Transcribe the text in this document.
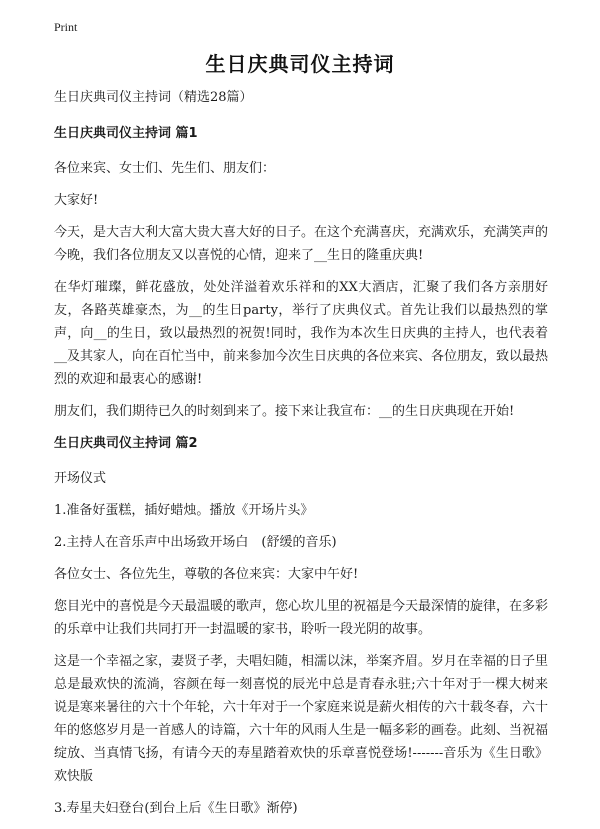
Print
生日庆典司仪主持词

生日庆典司仪主持词（精选28篇）

生日庆典司仪主持词 篇1

各位来宾、女士们、先生们、朋友们：

大家好!

今天，是大吉大利大富大贵大喜大好的日子。在这个充满喜庆，充满欢乐，充满笑声的今晚，我们各位朋友又以喜悦的心情，迎来了__生日的隆重庆典!

在华灯璀璨，鲜花盛放，处处洋溢着欢乐祥和的XX大酒店，汇聚了我们各方亲朋好友，各路英雄豪杰，为__的生日party，举行了庆典仪式。首先让我们以最热烈的掌声，向__的生日，致以最热烈的祝贺!同时，我作为本次生日庆典的主持人，也代表着__及其家人，向在百忙当中，前来参加今次生日庆典的各位来宾、各位朋友，致以最热烈的欢迎和最衷心的感谢!

朋友们，我们期待已久的时刻到来了。接下来让我宣布：__的生日庆典现在开始!

生日庆典司仪主持词 篇2

开场仪式

1.准备好蛋糕，插好蜡烛。播放《开场片头》

2.主持人在音乐声中出场致开场白　(舒缓的音乐)

各位女士、各位先生，尊敬的各位来宾：大家中午好!

您目光中的喜悦是今天最温暖的歌声，您心坎儿里的祝福是今天最深情的旋律，在多彩的乐章中让我们共同打开一封温暖的家书，聆听一段光阴的故事。

这是一个幸福之家，妻贤子孝，夫唱妇随，相濡以沫，举案齐眉。岁月在幸福的日子里总是最欢快的流淌，容颜在每一刻喜悦的辰光中总是青春永驻;六十年对于一棵大树来说是寒来暑往的六十个年轮，六十年对于一个家庭来说是薪火相传的六十载冬春，六十年的悠悠岁月是一首感人的诗篇，六十年的风雨人生是一幅多彩的画卷。此刻、当祝福绽放、当真情飞扬，有请今天的寿星踏着欢快的乐章喜悦登场!-------音乐为《生日歌》欢快版

3.寿星夫妇登台(到台上后《生日歌》渐停)
